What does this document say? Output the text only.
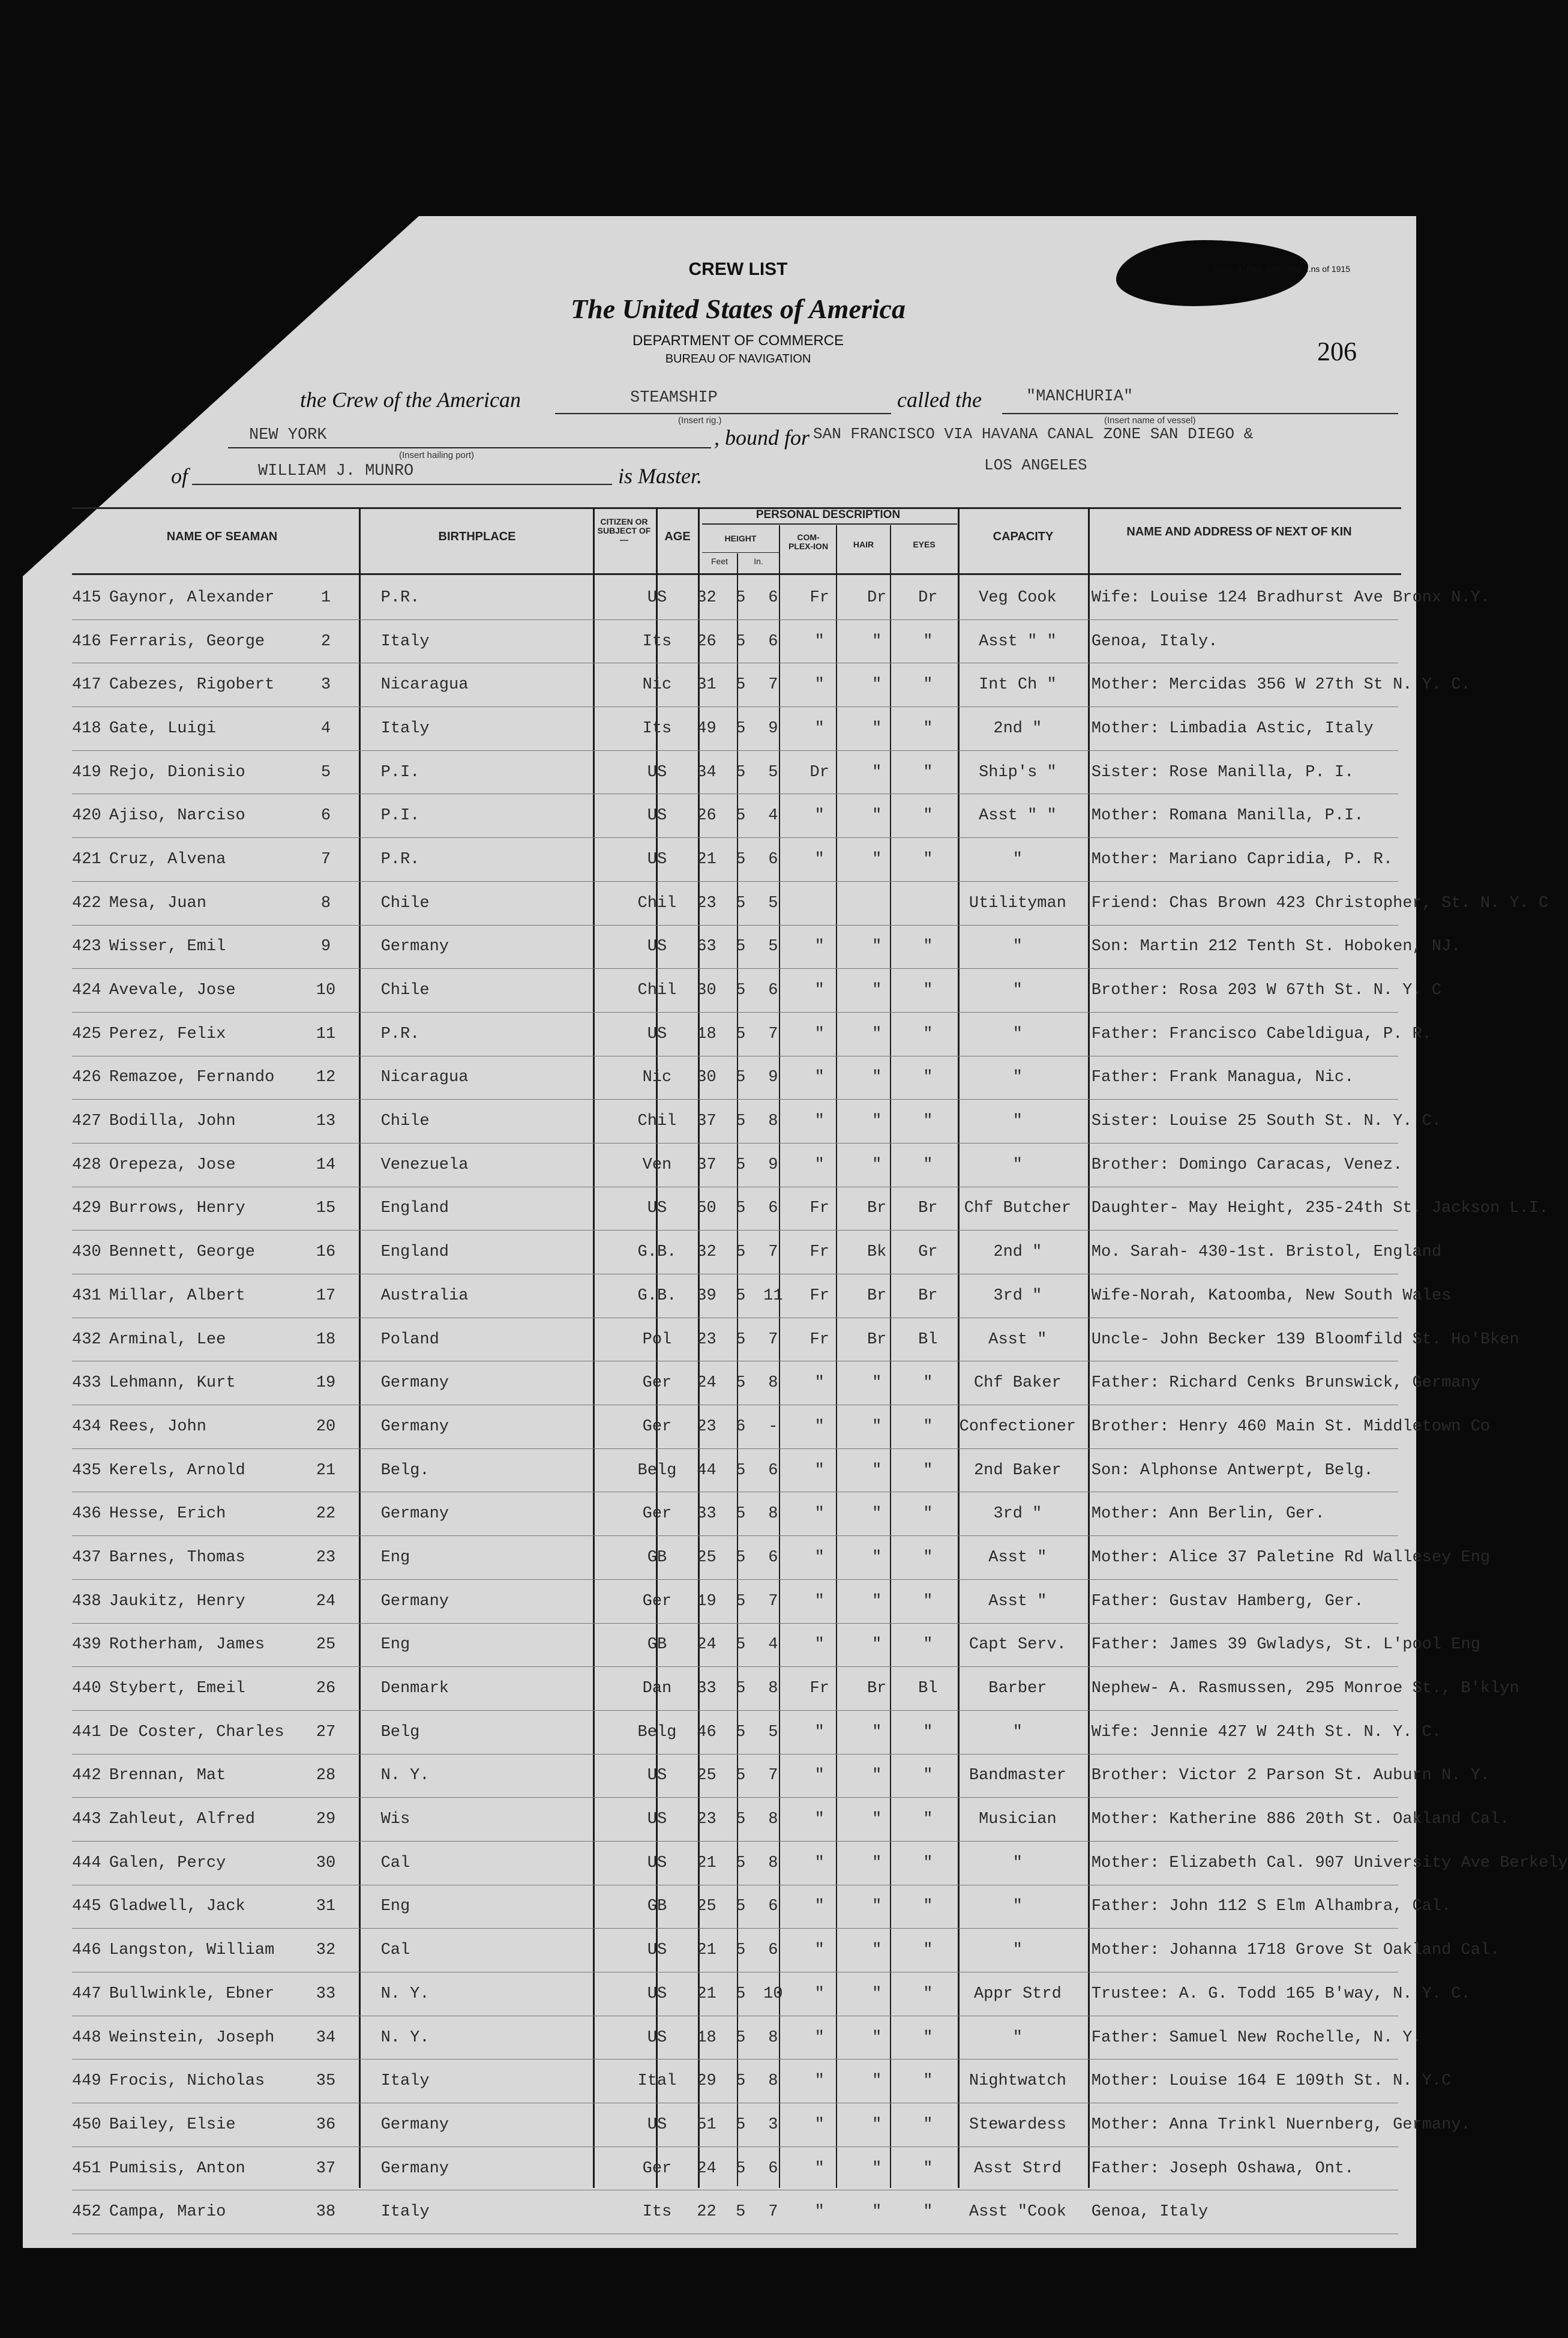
CREW LIST
The United States of America
DEPARTMENT OF COMMERCE
BUREAU OF NAVIGATION
Secs. 4, Rev. Stat., and ...ns of 1915
206
the Crew of the American	STEAMSHIP
(Insert rig.)
called the	"MANCHURIA"
(Insert name of vessel)
NEW YORK
(Insert hailing port)
, bound for SAN FRANCISCO VIA HAVANA CANAL ZONE SAN DIEGO &
LOS ANGELES
of	WILLIAM J. MUNRO	is Master.
NAME OF SEAMAN	BIRTHPLACE
CITIZEN OR SUBJECT OF—	AGE
PERSONAL DESCRIPTION
HEIGHT
Feet	In.
COM-PLEX-ION	HAIR	EYES
CAPACITY	NAME AND ADDRESS OF NEXT OF KIN
415	Gaynor, Alexander	1	P.R.	US	32	5	6	Fr	Dr	Dr	Veg Cook	Wife: Louise 124 Bradhurst Ave Bronx N.Y.
416	Ferraris, George	2	Italy	Its	26	5	6	"	"	"	Asst " "	Genoa, Italy.
417	Cabezes, Rigobert	3	Nicaragua	Nic	31	5	7	"	"	"	Int Ch "	Mother: Mercidas 356 W 27th St N. Y. C.
418	Gate, Luigi	4	Italy	Its	49	5	9	"	"	"	2nd "	Mother: Limbadia Astic, Italy
419	Rejo, Dionisio	5	P.I.	US	34	5	5	Dr	"	"	Ship's "	Sister: Rose Manilla, P. I.
420	Ajiso, Narciso	6	P.I.	US	26	5	4	"	"	"	Asst " "	Mother: Romana Manilla, P.I.
421	Cruz, Alvena	7	P.R.	US	21	5	6	"	"	"	"	Mother: Mariano Capridia, P. R.
422	Mesa, Juan	8	Chile	Chil	23	5	5				Utilityman	Friend: Chas Brown 423 Christopher, St. N. Y. C
423	Wisser, Emil	9	Germany	US	63	5	5	"	"	"	"	Son: Martin 212 Tenth St. Hoboken, NJ.
424	Avevale, Jose	10	Chile	Chil	30	5	6	"	"	"	"	Brother: Rosa 203 W 67th St. N. Y. C
425	Perez, Felix	11	P.R.	US	18	5	7	"	"	"	"	Father: Francisco Cabeldigua, P. R.
426	Remazoe, Fernando	12	Nicaragua	Nic	30	5	9	"	"	"	"	Father: Frank Managua, Nic.
427	Bodilla, John	13	Chile	Chil	37	5	8	"	"	"	"	Sister: Louise 25 South St. N. Y. C.
428	Orepeza, Jose	14	Venezuela	Ven	37	5	9	"	"	"	"	Brother: Domingo Caracas, Venez.
429	Burrows, Henry	15	England	US	50	5	6	Fr	Br	Br	Chf Butcher	Daughter- May Height, 235-24th St. Jackson L.I.
430	Bennett, George	16	England	G.B.	32	5	7	Fr	Bk	Gr	2nd "	Mo. Sarah- 430-1st. Bristol, England
431	Millar, Albert	17	Australia	G.B.	39	5	11	Fr	Br	Br	3rd "	Wife-Norah, Katoomba, New South Wales
432	Arminal, Lee	18	Poland	Pol	23	5	7	Fr	Br	Bl	Asst "	Uncle- John Becker 139 Bloomfild St. Ho'Bken
433	Lehmann, Kurt	19	Germany	Ger	24	5	8	"	"	"	Chf Baker	Father: Richard Cenks Brunswick, Germany
434	Rees, John	20	Germany	Ger	23	6	-	"	"	"	Confectioner	Brother: Henry 460 Main St. Middletown Co
435	Kerels, Arnold	21	Belg.	Belg	44	5	6	"	"	"	2nd Baker	Son: Alphonse Antwerpt, Belg.
436	Hesse, Erich	22	Germany	Ger	33	5	8	"	"	"	3rd "	Mother: Ann Berlin, Ger.
437	Barnes, Thomas	23	Eng	GB	25	5	6	"	"	"	Asst "	Mother: Alice 37 Paletine Rd Wallesey Eng
438	Jaukitz, Henry	24	Germany	Ger	19	5	7	"	"	"	Asst "	Father: Gustav Hamberg, Ger.
439	Rotherham, James	25	Eng	GB	24	5	4	"	"	"	Capt Serv.	Father: James 39 Gwladys, St. L'pool Eng
440	Stybert, Emeil	26	Denmark	Dan	33	5	8	Fr	Br	Bl	Barber	Nephew- A. Rasmussen, 295 Monroe St., B'klyn
441	De Coster, Charles	27	Belg	Belg	46	5	5	"	"	"	"	Wife: Jennie 427 W 24th St. N. Y. C.
442	Brennan, Mat	28	N. Y.	US	25	5	7	"	"	"	Bandmaster	Brother: Victor 2 Parson St. Auburn N. Y.
443	Zahleut, Alfred	29	Wis	US	23	5	8	"	"	"	Musician	Mother: Katherine 886 20th St. Oakland Cal.
444	Galen, Percy	30	Cal	US	21	5	8	"	"	"	"	Mother: Elizabeth Cal. 907 University Ave Berkely
445	Gladwell, Jack	31	Eng	GB	25	5	6	"	"	"	"	Father: John 112 S Elm Alhambra, Cal.
446	Langston, William	32	Cal	US	21	5	6	"	"	"	"	Mother: Johanna 1718 Grove St Oakland Cal.
447	Bullwinkle, Ebner	33	N. Y.	US	21	5	10	"	"	"	Appr Strd	Trustee: A. G. Todd 165 B'way, N. Y. C.
448	Weinstein, Joseph	34	N. Y.	US	18	5	8	"	"	"	"	Father: Samuel New Rochelle, N. Y.
449	Frocis, Nicholas	35	Italy	Ital	29	5	8	"	"	"	Nightwatch	Mother: Louise 164 E 109th St. N. Y.C
450	Bailey, Elsie	36	Germany	US	51	5	3	"	"	"	Stewardess	Mother: Anna Trinkl Nuernberg, Germany.
451	Pumisis, Anton	37	Germany	Ger	24	5	6	"	"	"	Asst Strd	Father: Joseph Oshawa, Ont.
452	Campa, Mario	38	Italy	Its	22	5	7	"	"	"	Asst "Cook	Genoa, Italy
